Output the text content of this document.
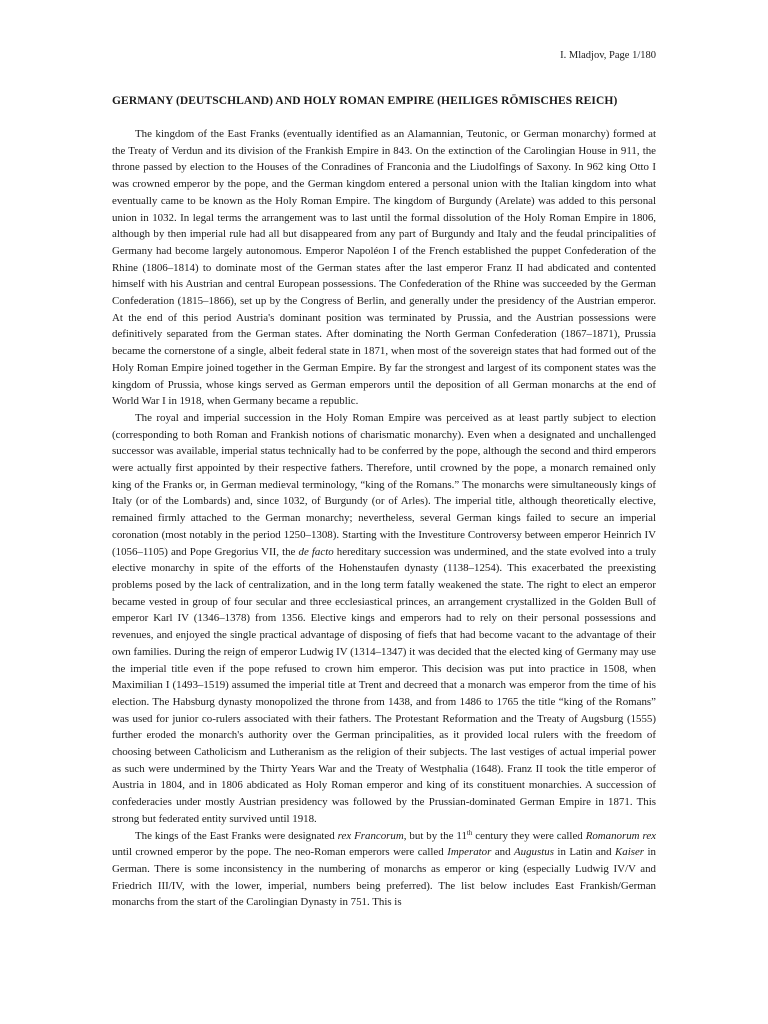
I. Mladjov, Page 1/180
GERMANY (DEUTSCHLAND) AND HOLY ROMAN EMPIRE (HEILIGES RÖMISCHES REICH)

The kingdom of the East Franks (eventually identified as an Alamannian, Teutonic, or German monarchy) formed at the Treaty of Verdun and its division of the Frankish Empire in 843. On the extinction of the Carolingian House in 911, the throne passed by election to the Houses of the Conradines of Franconia and the Liudolfings of Saxony. In 962 king Otto I was crowned emperor by the pope, and the German kingdom entered a personal union with the Italian kingdom into what eventually came to be known as the Holy Roman Empire. The kingdom of Burgundy (Arelate) was added to this personal union in 1032. In legal terms the arrangement was to last until the formal dissolution of the Holy Roman Empire in 1806, although by then imperial rule had all but disappeared from any part of Burgundy and Italy and the feudal principalities of Germany had become largely autonomous. Emperor Napoléon I of the French established the puppet Confederation of the Rhine (1806–1814) to dominate most of the German states after the last emperor Franz II had abdicated and contented himself with his Austrian and central European possessions. The Confederation of the Rhine was succeeded by the German Confederation (1815–1866), set up by the Congress of Berlin, and generally under the presidency of the Austrian emperor. At the end of this period Austria's dominant position was terminated by Prussia, and the Austrian possessions were definitively separated from the German states. After dominating the North German Confederation (1867–1871), Prussia became the cornerstone of a single, albeit federal state in 1871, when most of the sovereign states that had formed out of the Holy Roman Empire joined together in the German Empire. By far the strongest and largest of its component states was the kingdom of Prussia, whose kings served as German emperors until the deposition of all German monarchs at the end of World War I in 1918, when Germany became a republic.

The royal and imperial succession in the Holy Roman Empire was perceived as at least partly subject to election (corresponding to both Roman and Frankish notions of charismatic monarchy). Even when a designated and unchallenged successor was available, imperial status technically had to be conferred by the pope, although the second and third emperors were actually first appointed by their respective fathers. Therefore, until crowned by the pope, a monarch remained only king of the Franks or, in German medieval terminology, “king of the Romans.” The monarchs were simultaneously kings of Italy (or of the Lombards) and, since 1032, of Burgundy (or of Arles). The imperial title, although theoretically elective, remained firmly attached to the German monarchy; nevertheless, several German kings failed to secure an imperial coronation (most notably in the period 1250–1308). Starting with the Investiture Controversy between emperor Heinrich IV (1056–1105) and Pope Gregorius VII, the de facto hereditary succession was undermined, and the state evolved into a truly elective monarchy in spite of the efforts of the Hohenstaufen dynasty (1138–1254). This exacerbated the preexisting problems posed by the lack of centralization, and in the long term fatally weakened the state. The right to elect an emperor became vested in group of four secular and three ecclesiastical princes, an arrangement crystallized in the Golden Bull of emperor Karl IV (1346–1378) from 1356. Elective kings and emperors had to rely on their personal possessions and revenues, and enjoyed the single practical advantage of disposing of fiefs that had become vacant to the advantage of their own families. During the reign of emperor Ludwig IV (1314–1347) it was decided that the elected king of Germany may use the imperial title even if the pope refused to crown him emperor. This decision was put into practice in 1508, when Maximilian I (1493–1519) assumed the imperial title at Trent and decreed that a monarch was emperor from the time of his election. The Habsburg dynasty monopolized the throne from 1438, and from 1486 to 1765 the title “king of the Romans” was used for junior co-rulers associated with their fathers. The Protestant Reformation and the Treaty of Augsburg (1555) further eroded the monarch's authority over the German principalities, as it provided local rulers with the freedom of choosing between Catholicism and Lutheranism as the religion of their subjects. The last vestiges of actual imperial power as such were undermined by the Thirty Years War and the Treaty of Westphalia (1648). Franz II took the title emperor of Austria in 1804, and in 1806 abdicated as Holy Roman emperor and king of its constituent monarchies. A succession of confederacies under mostly Austrian presidency was followed by the Prussian-dominated German Empire in 1871. This strong but federated entity survived until 1918.

The kings of the East Franks were designated rex Francorum, but by the 11th century they were called Romanorum rex until crowned emperor by the pope. The neo-Roman emperors were called Imperator and Augustus in Latin and Kaiser in German. There is some inconsistency in the numbering of monarchs as emperor or king (especially Ludwig IV/V and Friedrich III/IV, with the lower, imperial, numbers being preferred). The list below includes East Frankish/German monarchs from the start of the Carolingian Dynasty in 751. This is
